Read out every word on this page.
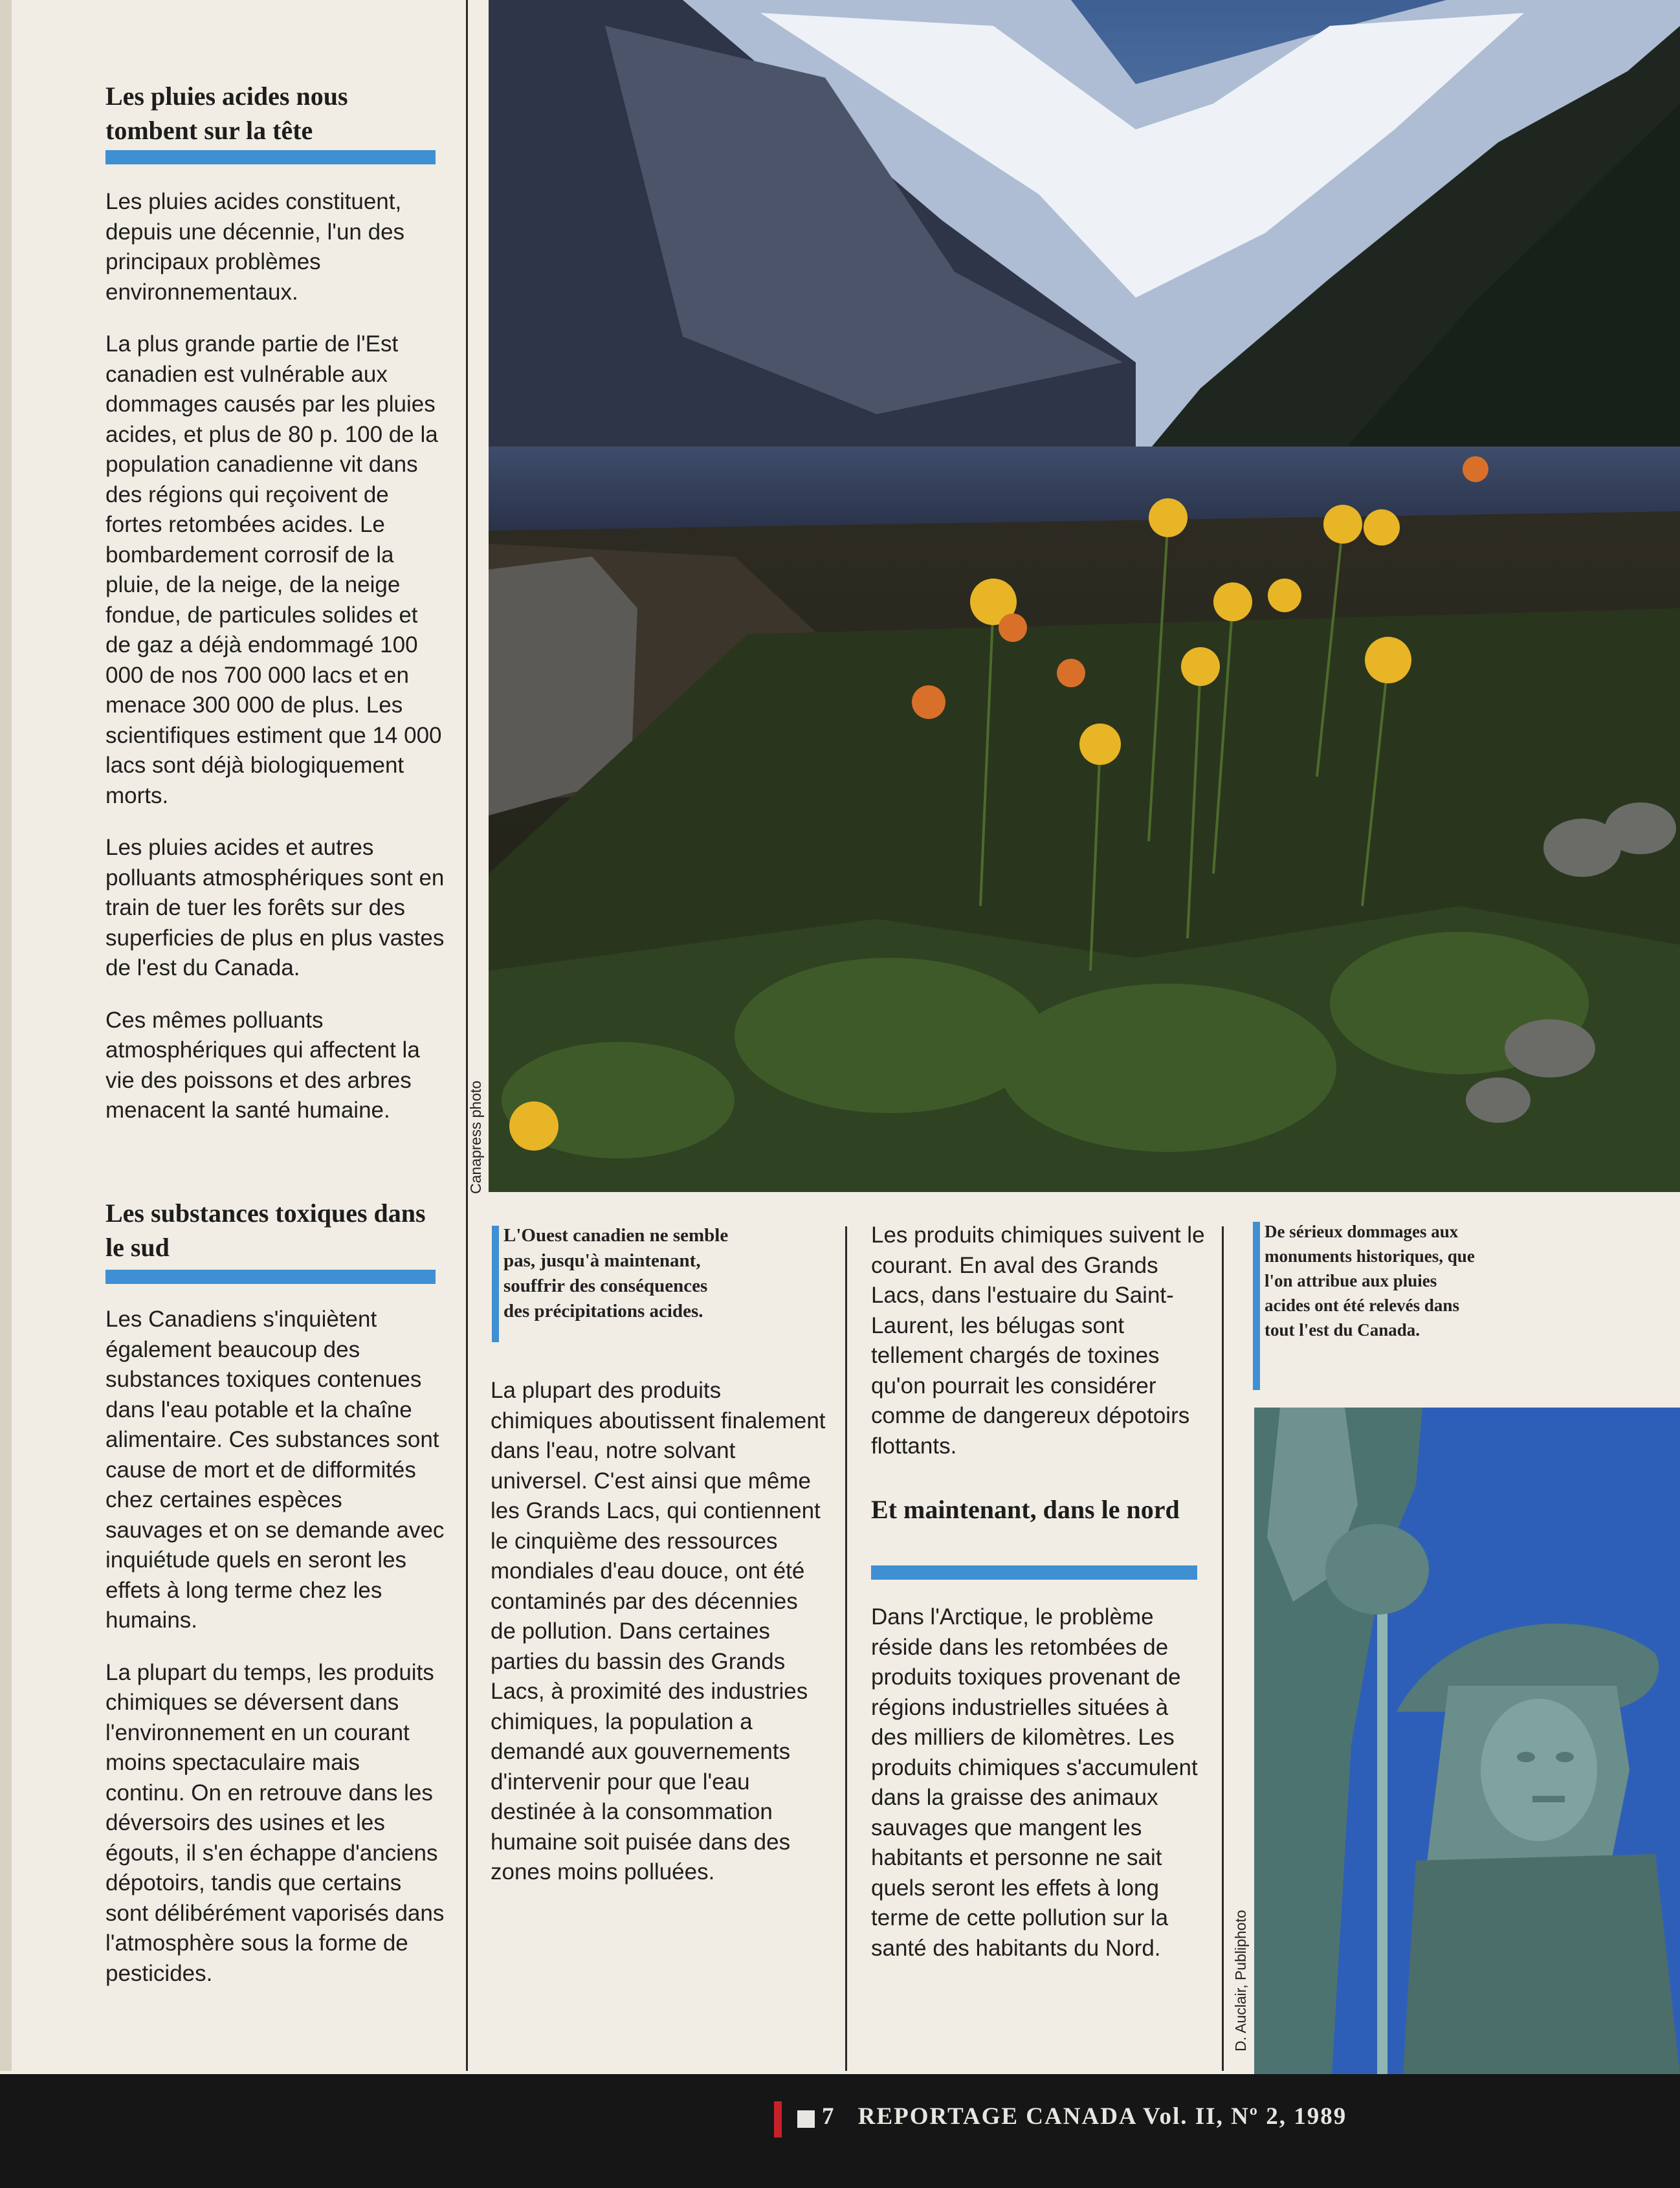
Les pluies acides nous tombent sur la tête

Les pluies acides constituent, depuis une décennie, l'un des principaux problèmes environnementaux.

La plus grande partie de l'Est canadien est vulnérable aux dommages causés par les pluies acides, et plus de 80 p. 100 de la population canadienne vit dans des régions qui reçoivent de fortes retombées acides. Le bombardement corrosif de la pluie, de la neige, de la neige fondue, de particules solides et de gaz a déjà endommagé 100 000 de nos 700 000 lacs et en menace 300 000 de plus. Les scientifiques estiment que 14 000 lacs sont déjà biologiquement morts.

Les pluies acides et autres polluants atmosphériques sont en train de tuer les forêts sur des superficies de plus en plus vastes de l'est du Canada.

Ces mêmes polluants atmosphériques qui affectent la vie des poissons et des arbres menacent la santé humaine.

Les substances toxiques dans le sud

Les Canadiens s'inquiètent également beaucoup des substances toxiques contenues dans l'eau potable et la chaîne alimentaire. Ces substances sont cause de mort et de difformités chez certaines espèces sauvages et on se demande avec inquiétude quels en seront les effets à long terme chez les humains.

La plupart du temps, les produits chimiques se déversent dans l'environnement en un courant moins spectaculaire mais continu. On en retrouve dans les déversoirs des usines et les égouts, il s'en échappe d'anciens dépotoirs, tandis que certains sont délibérément vaporisés dans l'atmosphère sous la forme de pesticides.

Canapress photo
L'Ouest canadien ne semble pas, jusqu'à maintenant, souffrir des conséquences des précipitations acides.

La plupart des produits chimiques aboutissent finalement dans l'eau, notre solvant universel. C'est ainsi que même les Grands Lacs, qui contiennent le cinquième des ressources mondiales d'eau douce, ont été contaminés par des décennies de pollution. Dans certaines parties du bassin des Grands Lacs, à proximité des industries chimiques, la population a demandé aux gouvernements d'intervenir pour que l'eau destinée à la consommation humaine soit puisée dans des zones moins polluées.

Les produits chimiques suivent le courant. En aval des Grands Lacs, dans l'estuaire du Saint-Laurent, les bélugas sont tellement chargés de toxines qu'on pourrait les considérer comme de dangereux dépotoirs flottants.

Et maintenant, dans le nord

Dans l'Arctique, le problème réside dans les retombées de produits toxiques provenant de régions industrielles situées à des milliers de kilomètres. Les produits chimiques s'accumulent dans la graisse des animaux sauvages que mangent les habitants et personne ne sait quels seront les effets à long terme de cette pollution sur la santé des habitants du Nord.

De sérieux dommages aux monuments historiques, que l'on attribue aux pluies acides ont été relevés dans tout l'est du Canada.
D. Auclair, Publiphoto
7 REPORTAGE CANADA Vol. II, Nº 2, 1989
